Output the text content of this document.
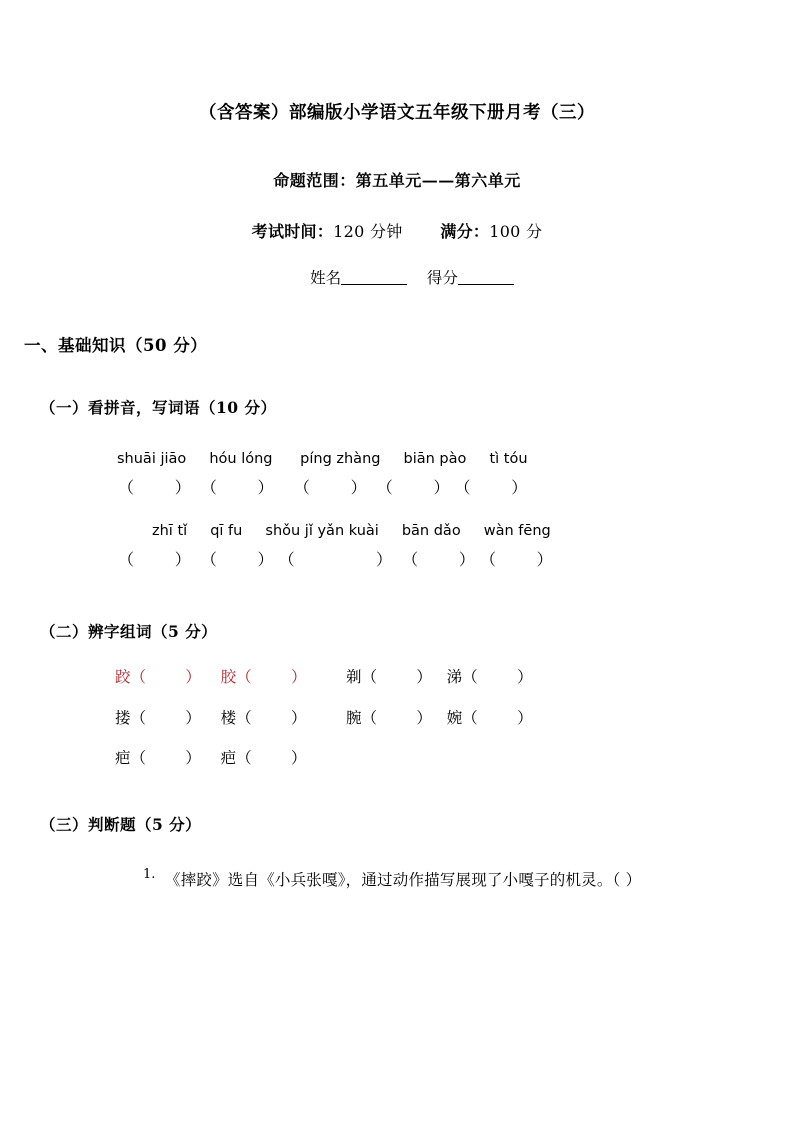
（含答案）部编版小学语文五年级下册月考（三）

命题范围：第五单元——第六单元

考试时间：120 分钟 满分：100 分

姓名	得分

一、基础知识（50 分）
（一）看拼音，写词语（10 分）
shuāi jiāo hóu lóng píng zhàng biān pào tì tóu
（        ）  （        ）    （        ）  （        ） （        ）
zhī tǐ qī fu shǒu jǐ yǎn kuài bān dǎo wàn fēng
（        ）  （        ） （                ）  （        ） （        ）
（二）辨字组词（5 分）
跤（        ）    胶（        ）        剃（        ）   涕（        ）
搂（        ）    楼（        ）        腕（        ）   婉（        ）
疤（        ）    疤（        ）
（三）判断题（5 分）
1. 《摔跤》选自《小兵张嘎》，通过动作描写展现了小嘎子的机灵。（ ）
